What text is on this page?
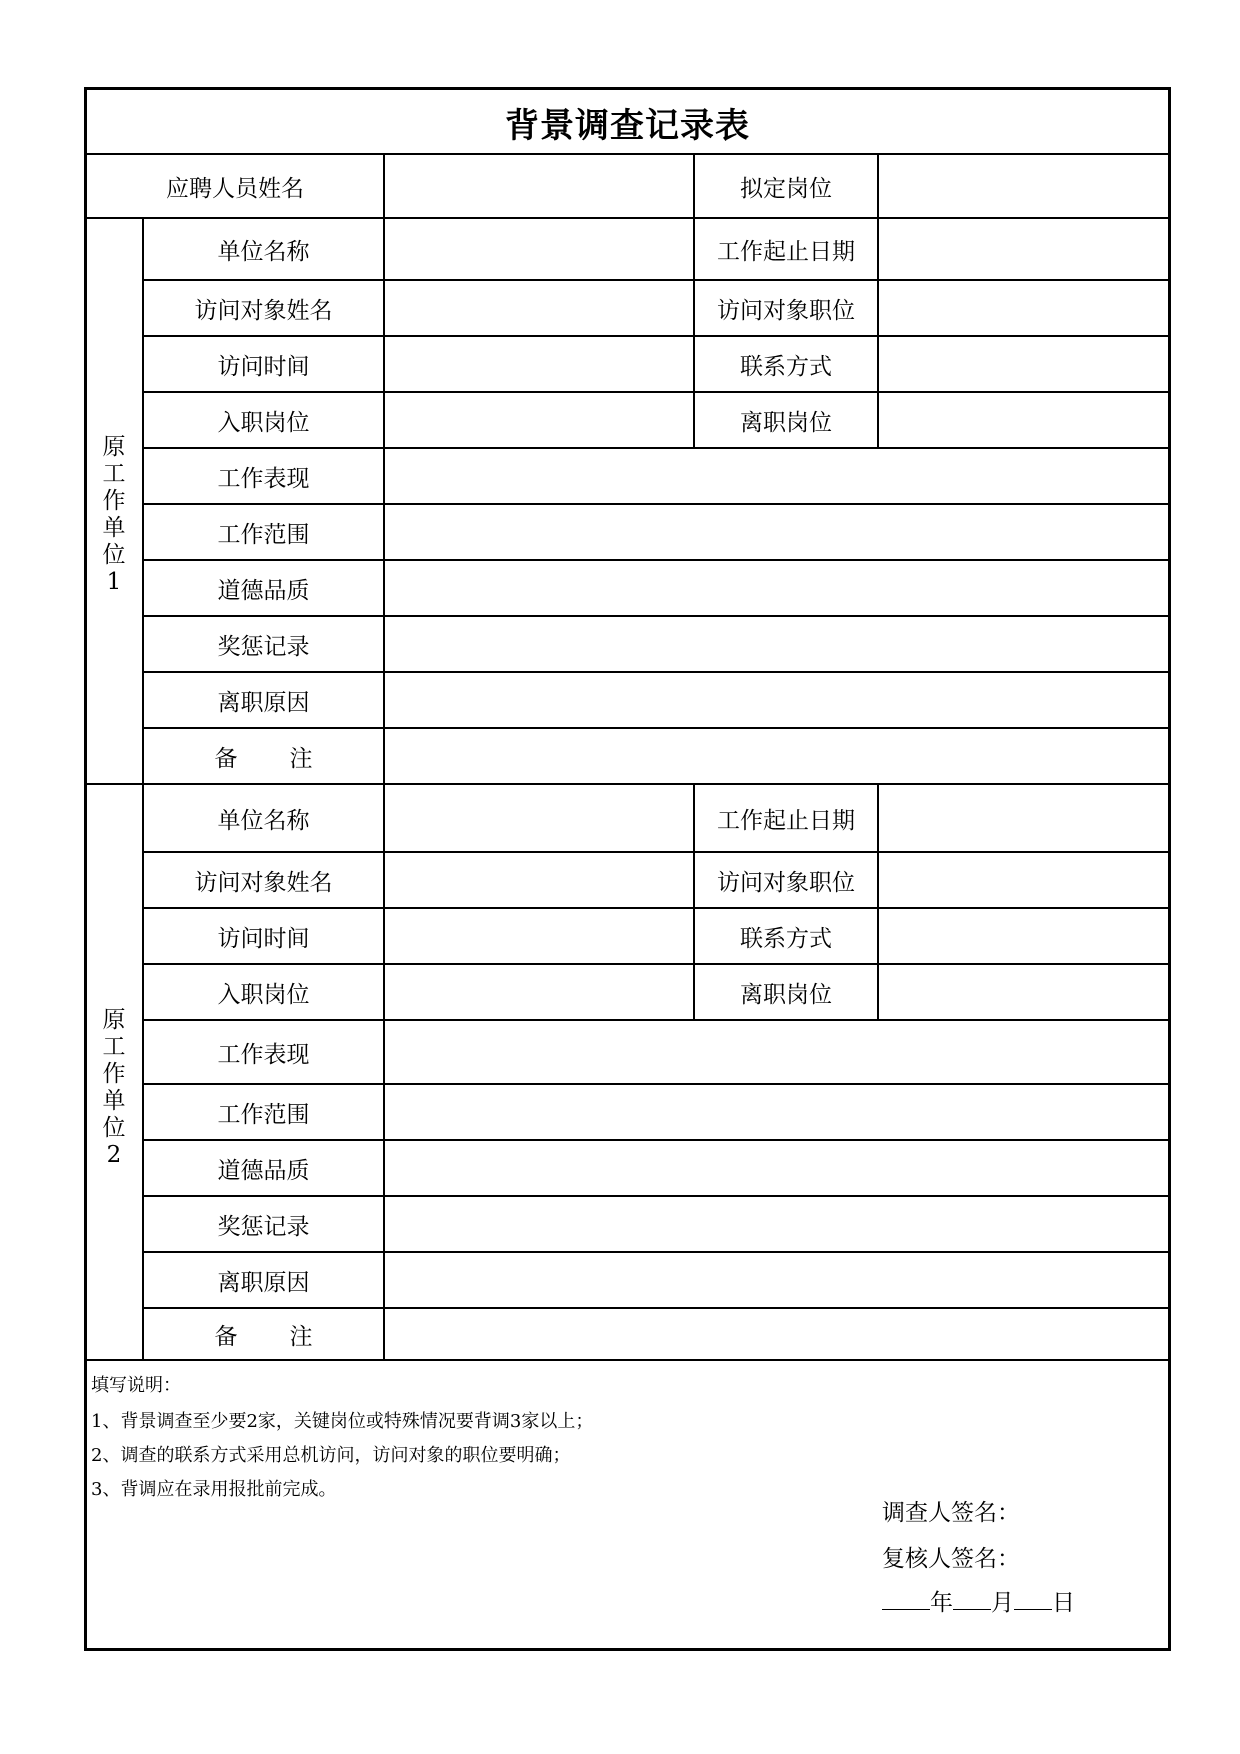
背景调查记录表
应聘人员姓名	拟定岗位
原工作单位1
单位名称	工作起止日期
访问对象姓名	访问对象职位
访问时间	联系方式
入职岗位	离职岗位
工作表现
工作范围
道德品质
奖惩记录
离职原因
备 注
原工作单位2
单位名称	工作起止日期
访问对象姓名	访问对象职位
访问时间	联系方式
入职岗位	离职岗位
工作表现
工作范围
道德品质
奖惩记录
离职原因
备 注
填写说明：
1、背景调查至少要2家，关键岗位或特殊情况要背调3家以上；
2、调查的联系方式采用总机访问，访问对象的职位要明确；
3、背调应在录用报批前完成。
调查人签名：
复核人签名：
年 月 日
